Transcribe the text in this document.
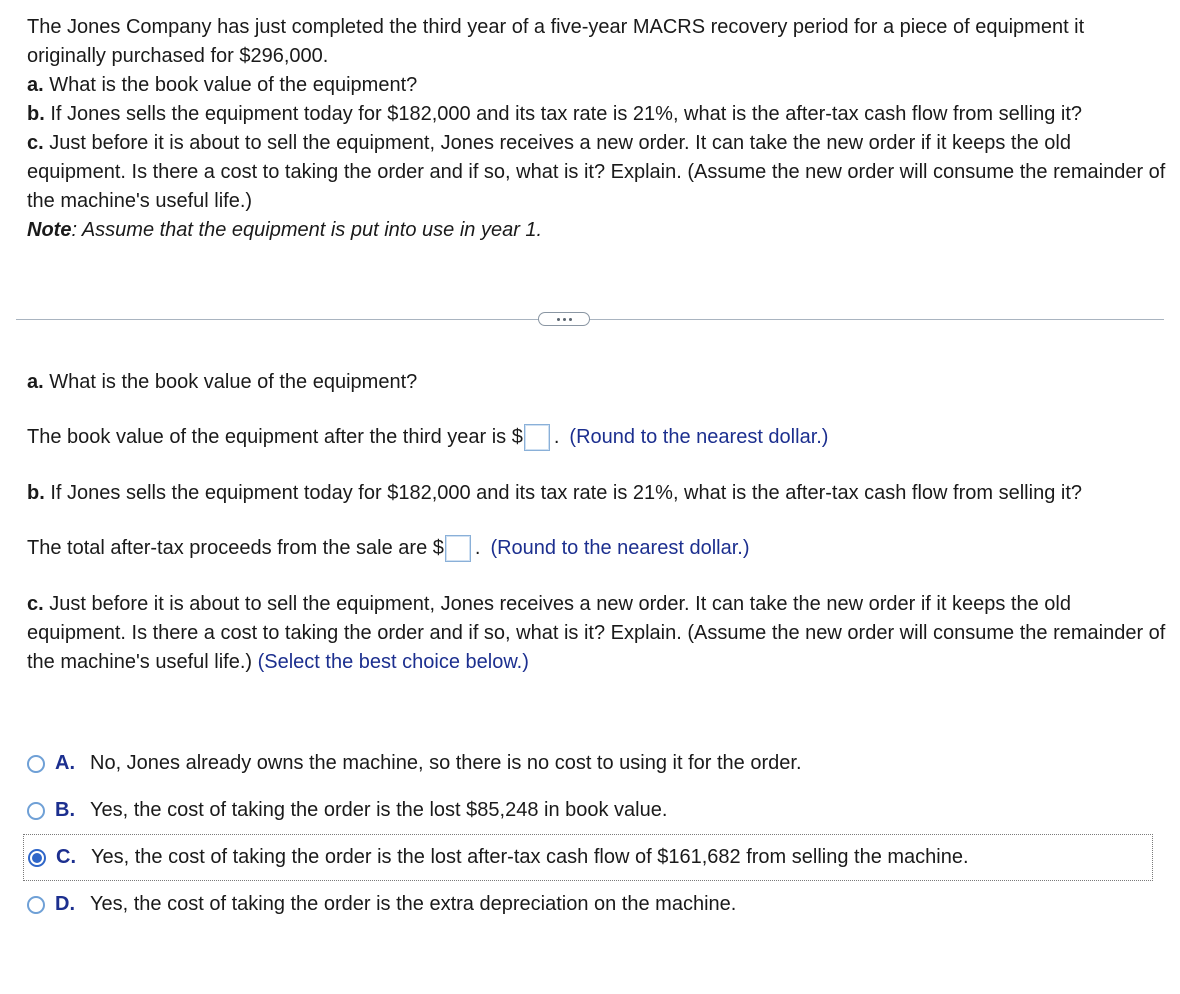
The Jones Company has just completed the third year of a five-year MACRS recovery period for a piece of equipment it originally purchased for $296,000.

a. What is the book value of the equipment?

b. If Jones sells the equipment today for $182,000 and its tax rate is 21%, what is the after-tax cash flow from selling it?

c. Just before it is about to sell the equipment, Jones receives a new order. It can take the new order if it keeps the old equipment. Is there a cost to taking the order and if so, what is it? Explain. (Assume the new order will consume the remainder of the machine's useful life.)

Note: Assume that the equipment is put into use in year 1.

a. What is the book value of the equipment?

The book value of the equipment after the third year is $ . (Round to the nearest dollar.)

b. If Jones sells the equipment today for $182,000 and its tax rate is 21%, what is the after-tax cash flow from selling it?

The total after-tax proceeds from the sale are $ . (Round to the nearest dollar.)

c. Just before it is about to sell the equipment, Jones receives a new order. It can take the new order if it keeps the old equipment. Is there a cost to taking the order and if so, what is it? Explain. (Assume the new order will consume the remainder of the machine's useful life.) (Select the best choice below.)

A. No, Jones already owns the machine, so there is no cost to using it for the order.
B. Yes, the cost of taking the order is the lost $85,248 in book value.
C. Yes, the cost of taking the order is the lost after-tax cash flow of $161,682 from selling the machine.
D. Yes, the cost of taking the order is the extra depreciation on the machine.
